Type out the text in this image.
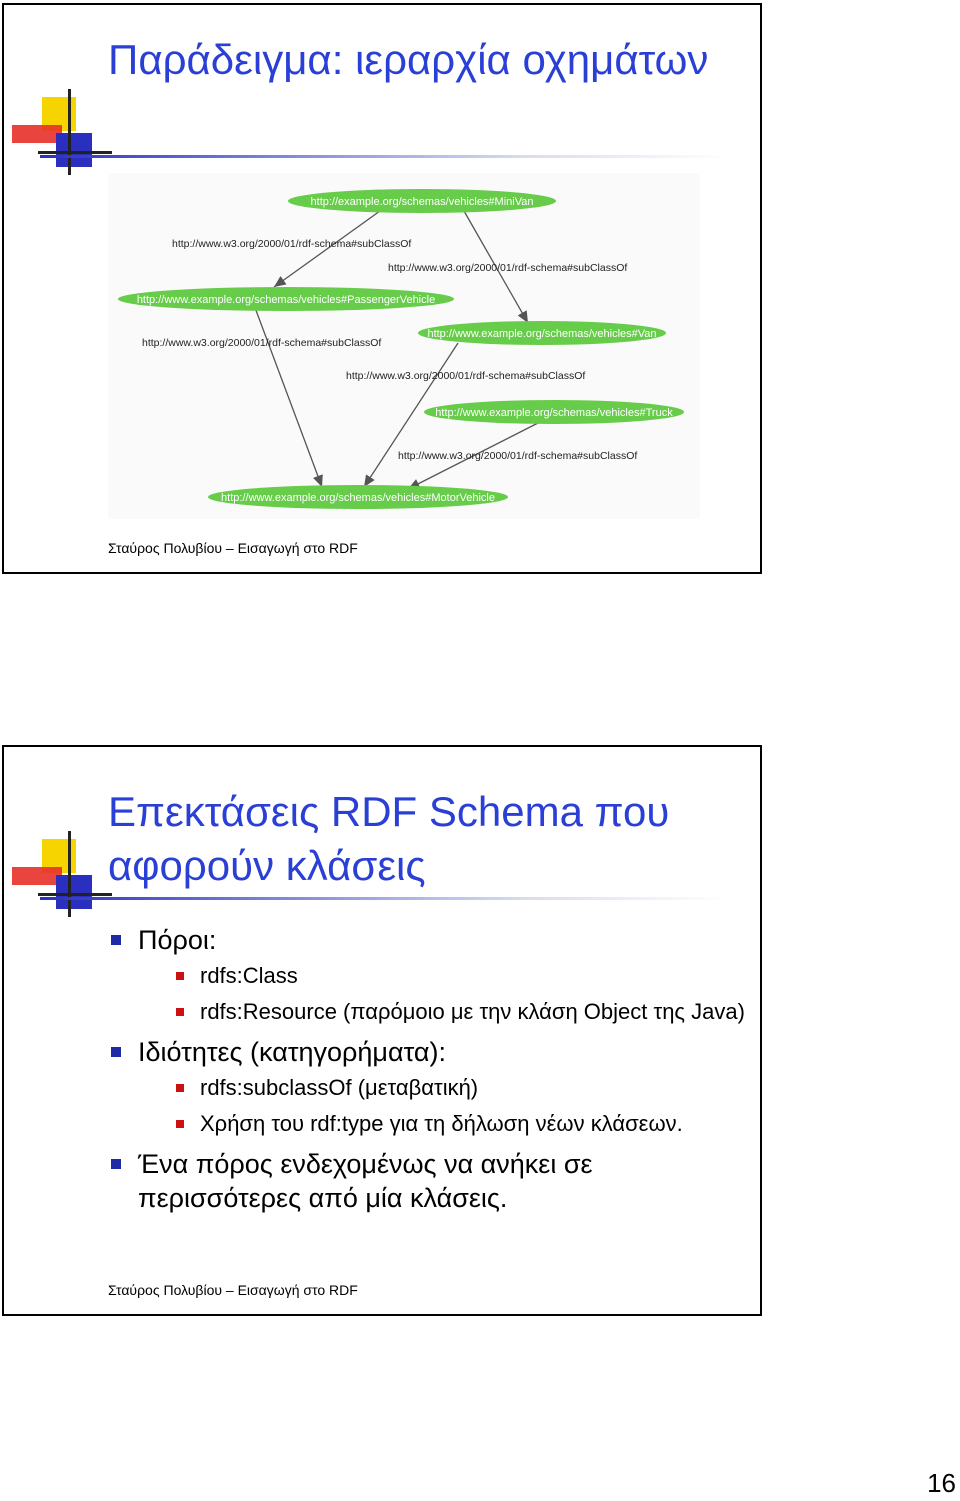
Παράδειγμα: ιεραρχία οχημάτων
http://example.org/schemas/vehicles#MiniVan
http://www.example.org/schemas/vehicles#PassengerVehicle
http://www.example.org/schemas/vehicles#Van
http://www.example.org/schemas/vehicles#Truck
http://www.example.org/schemas/vehicles#MotorVehicle
http://www.w3.org/2000/01/rdf-schema#subClassOf
http://www.w3.org/2000/01/rdf-schema#subClassOf
http://www.w3.org/2000/01/rdf-schema#subClassOf
http://www.w3.org/2000/01/rdf-schema#subClassOf
http://www.w3.org/2000/01/rdf-schema#subClassOf
Σταύρος Πολυβίου – Εισαγωγή στο RDF
Επεκτάσεις RDF Schema που αφορούν κλάσεις
Πόροι:
rdfs:Class
rdfs:Resource (παρόμοιο με την κλάση Object της Java)
Ιδιότητες (κατηγορήματα):
rdfs:subclassOf (μεταβατική)
Χρήση του rdf:type για τη δήλωση νέων κλάσεων.
Ένα πόρος ενδεχομένως να ανήκει σε περισσότερες από μία κλάσεις.
Σταύρος Πολυβίου – Εισαγωγή στο RDF
16
